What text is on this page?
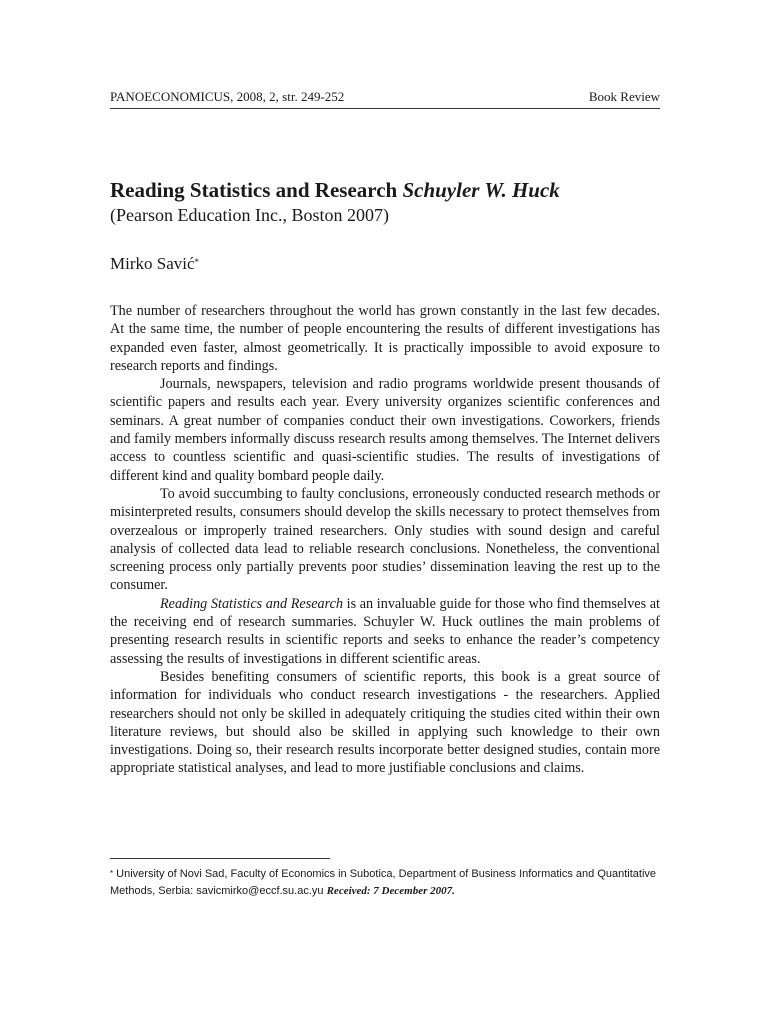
PANOECONOMICUS, 2008, 2, str. 249-252	Book Review
Reading Statistics and Research Schuyler W. Huck
(Pearson Education Inc., Boston 2007)
Mirko Savić*

The number of researchers throughout the world has grown constantly in the last few decades. At the same time, the number of people encountering the results of different investigations has expanded even faster, almost geometrically. It is practically impossible to avoid exposure to research reports and findings.

Journals, newspapers, television and radio programs worldwide present thousands of scientific papers and results each year. Every university organizes scientific conferences and seminars. A great number of companies conduct their own investigations. Coworkers, friends and family members informally discuss research results among themselves. The Internet delivers access to countless scientific and quasi-scientific studies. The results of investigations of different kind and quality bombard people daily.

To avoid succumbing to faulty conclusions, erroneously conducted research methods or misinterpreted results, consumers should develop the skills necessary to protect themselves from overzealous or improperly trained researchers. Only studies with sound design and careful analysis of collected data lead to reliable research conclusions. Nonetheless, the conventional screening process only partially prevents poor studies’ dissemination leaving the rest up to the consumer.

Reading Statistics and Research is an invaluable guide for those who find themselves at the receiving end of research summaries. Schuyler W. Huck outlines the main problems of presenting research results in scientific reports and seeks to enhance the reader’s competency assessing the results of investigations in different scientific areas.

Besides benefiting consumers of scientific reports, this book is a great source of information for individuals who conduct research investigations - the researchers. Applied researchers should not only be skilled in adequately critiquing the studies cited within their own literature reviews, but should also be skilled in applying such knowledge to their own investigations. Doing so, their research results incorporate better designed studies, contain more appropriate statistical analyses, and lead to more justifiable conclusions and claims.

* University of Novi Sad, Faculty of Economics in Subotica, Department of Business Informatics and Quantitative Methods, Serbia: savicmirko@eccf.su.ac.yu Received: 7 December 2007.
